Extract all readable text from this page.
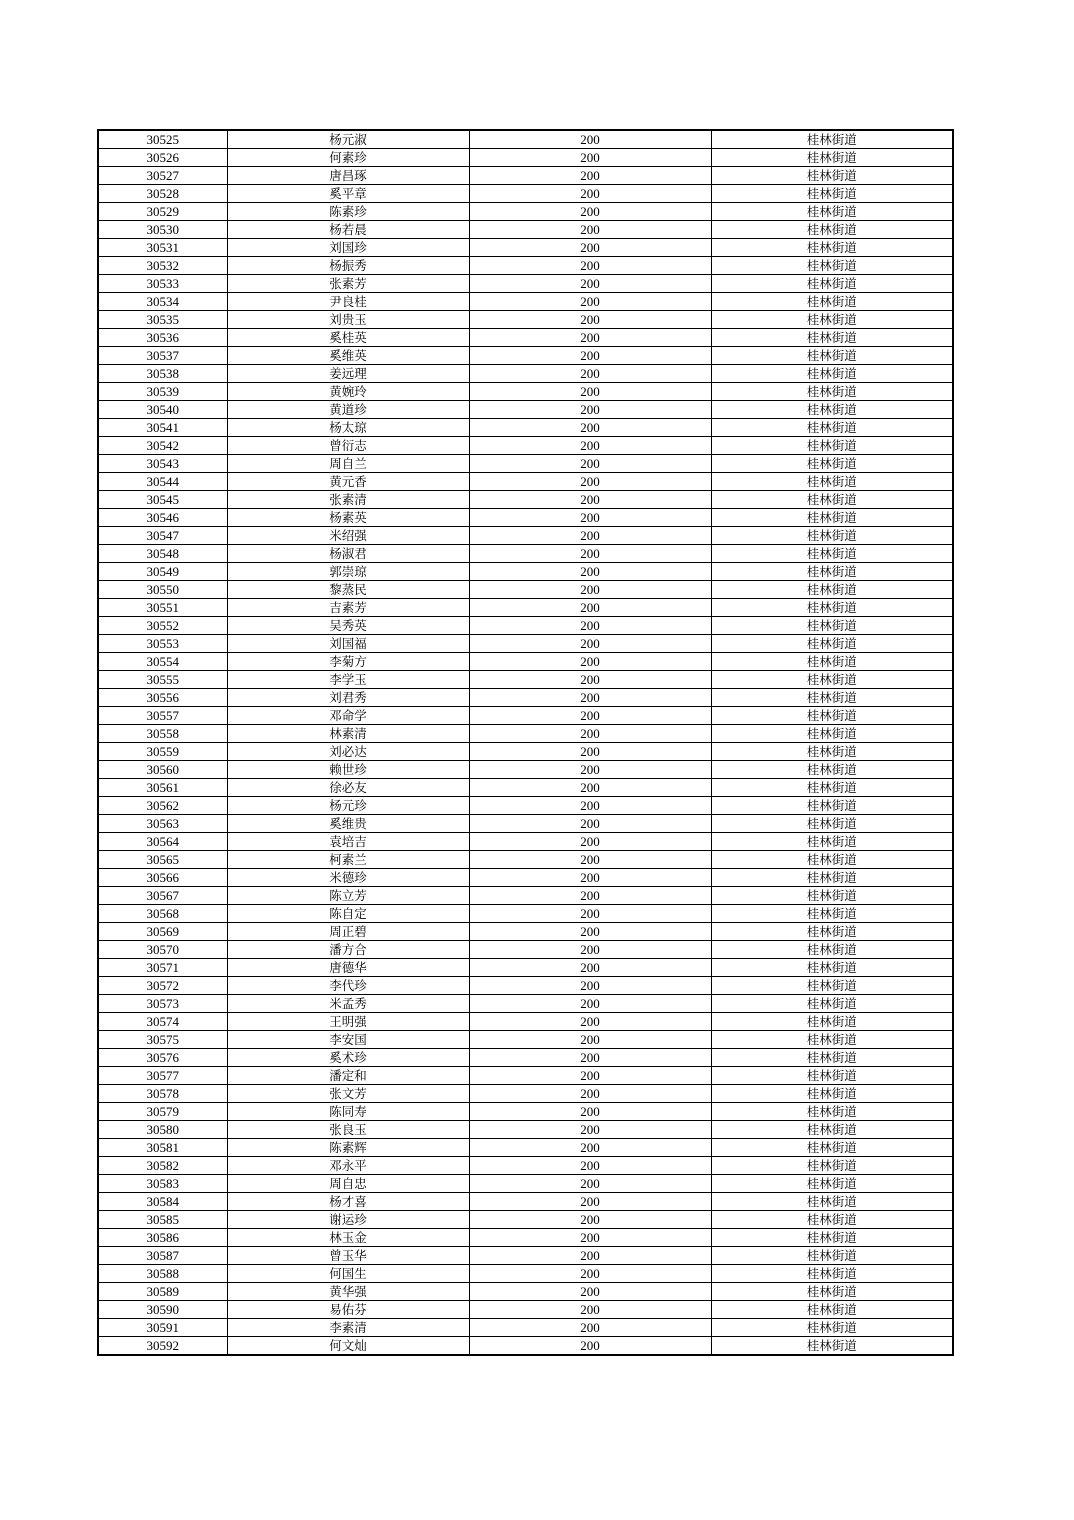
30525	杨元淑	200	桂林街道
30526	何素珍	200	桂林街道
30527	唐昌琢	200	桂林街道
30528	奚平章	200	桂林街道
30529	陈素珍	200	桂林街道
30530	杨若晨	200	桂林街道
30531	刘国珍	200	桂林街道
30532	杨振秀	200	桂林街道
30533	张素芳	200	桂林街道
30534	尹良桂	200	桂林街道
30535	刘贵玉	200	桂林街道
30536	奚桂英	200	桂林街道
30537	奚维英	200	桂林街道
30538	姜远理	200	桂林街道
30539	黄婉玲	200	桂林街道
30540	黄道珍	200	桂林街道
30541	杨太琼	200	桂林街道
30542	曾衍志	200	桂林街道
30543	周自兰	200	桂林街道
30544	黄元香	200	桂林街道
30545	张素清	200	桂林街道
30546	杨素英	200	桂林街道
30547	米绍强	200	桂林街道
30548	杨淑君	200	桂林街道
30549	郭崇琼	200	桂林街道
30550	黎蒸民	200	桂林街道
30551	吉素芳	200	桂林街道
30552	吴秀英	200	桂林街道
30553	刘国福	200	桂林街道
30554	李菊方	200	桂林街道
30555	李学玉	200	桂林街道
30556	刘君秀	200	桂林街道
30557	邓命学	200	桂林街道
30558	林素清	200	桂林街道
30559	刘必达	200	桂林街道
30560	赖世珍	200	桂林街道
30561	徐必友	200	桂林街道
30562	杨元珍	200	桂林街道
30563	奚维贵	200	桂林街道
30564	袁培吉	200	桂林街道
30565	柯素兰	200	桂林街道
30566	米德珍	200	桂林街道
30567	陈立芳	200	桂林街道
30568	陈自定	200	桂林街道
30569	周正碧	200	桂林街道
30570	潘方合	200	桂林街道
30571	唐德华	200	桂林街道
30572	李代珍	200	桂林街道
30573	米孟秀	200	桂林街道
30574	王明强	200	桂林街道
30575	李安国	200	桂林街道
30576	奚术珍	200	桂林街道
30577	潘定和	200	桂林街道
30578	张文芳	200	桂林街道
30579	陈同寿	200	桂林街道
30580	张良玉	200	桂林街道
30581	陈素辉	200	桂林街道
30582	邓永平	200	桂林街道
30583	周自忠	200	桂林街道
30584	杨才喜	200	桂林街道
30585	谢运珍	200	桂林街道
30586	林玉金	200	桂林街道
30587	曾玉华	200	桂林街道
30588	何国生	200	桂林街道
30589	黄华强	200	桂林街道
30590	易佑芬	200	桂林街道
30591	李素清	200	桂林街道
30592	何文灿	200	桂林街道
